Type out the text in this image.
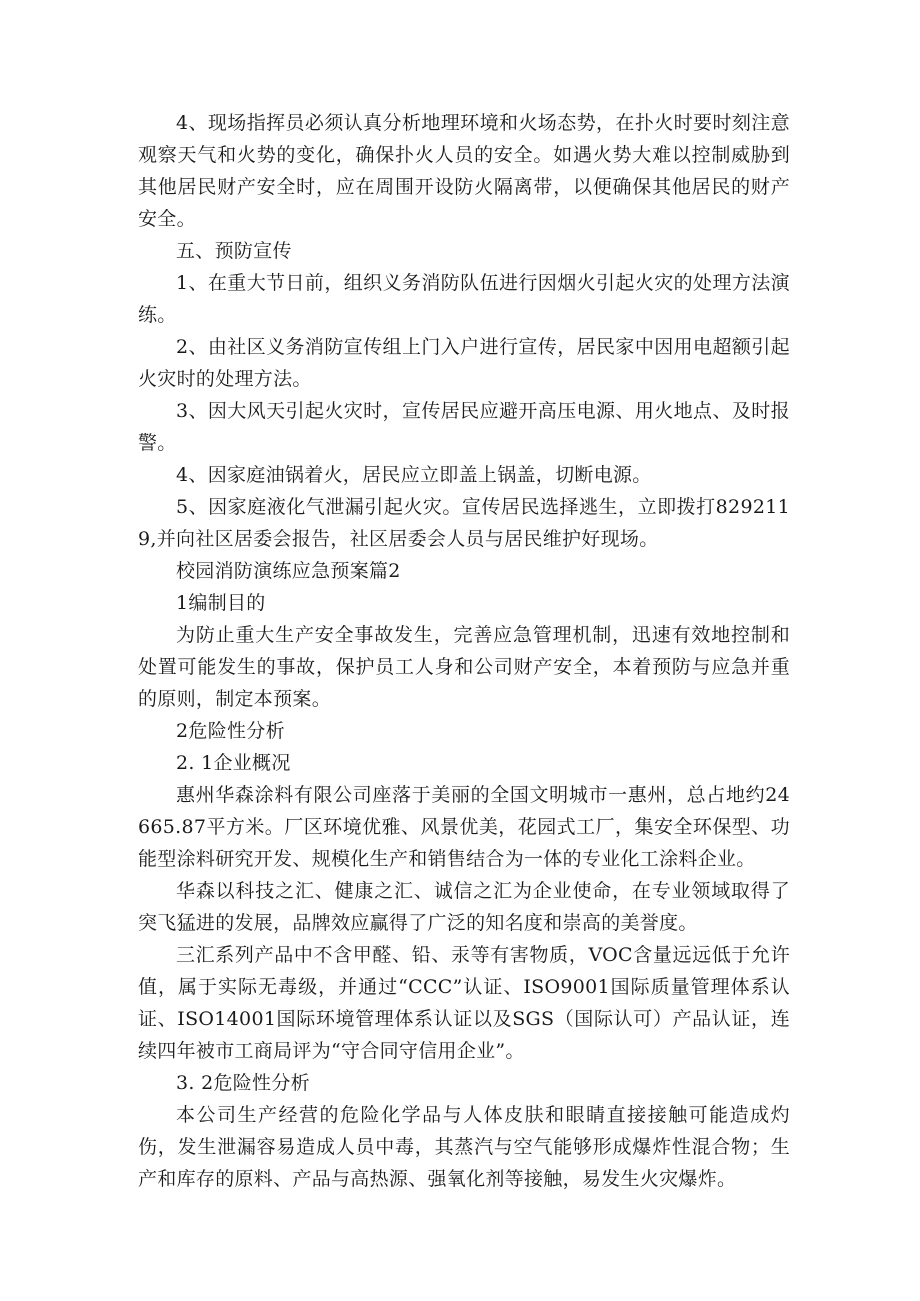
4、现场指挥员必须认真分析地理环境和火场态势，在扑火时要时刻注意观察天气和火势的变化，确保扑火人员的安全。如遇火势大难以控制威胁到其他居民财产安全时，应在周围开设防火隔离带，以便确保其他居民的财产安全。

五、预防宣传

1、在重大节日前，组织义务消防队伍进行因烟火引起火灾的处理方法演练。

2、由社区义务消防宣传组上门入户进行宣传，居民家中因用电超额引起火灾时的处理方法。

3、因大风天引起火灾时，宣传居民应避开高压电源、用火地点、及时报警。

4、因家庭油锅着火，居民应立即盖上锅盖，切断电源。

5、因家庭液化气泄漏引起火灾。宣传居民选择逃生，立即拨打8292119,并向社区居委会报告，社区居委会人员与居民维护好现场。

校园消防演练应急预案篇2

1编制目的

为防止重大生产安全事故发生，完善应急管理机制，迅速有效地控制和处置可能发生的事故，保护员工人身和公司财产安全，本着预防与应急并重的原则，制定本预案。

2危险性分析

2. 1企业概况

惠州华森涂料有限公司座落于美丽的全国文明城市一惠州，总占地约24665.87平方米。厂区环境优雅、风景优美，花园式工厂，集安全环保型、功能型涂料研究开发、规模化生产和销售结合为一体的专业化工涂料企业。

华森以科技之汇、健康之汇、诚信之汇为企业使命，在专业领域取得了突飞猛进的发展，品牌效应赢得了广泛的知名度和崇高的美誉度。

三汇系列产品中不含甲醛、铅、汞等有害物质，VOC含量远远低于允许值，属于实际无毒级，并通过“CCC”认证、ISO9001国际质量管理体系认证、ISO14001国际环境管理体系认证以及SGS（国际认可）产品认证，连续四年被市工商局评为“守合同守信用企业”。

3. 2危险性分析

本公司生产经营的危险化学品与人体皮肤和眼睛直接接触可能造成灼伤，发生泄漏容易造成人员中毒，其蒸汽与空气能够形成爆炸性混合物；生产和库存的原料、产品与高热源、强氧化剂等接触，易发生火灾爆炸。
